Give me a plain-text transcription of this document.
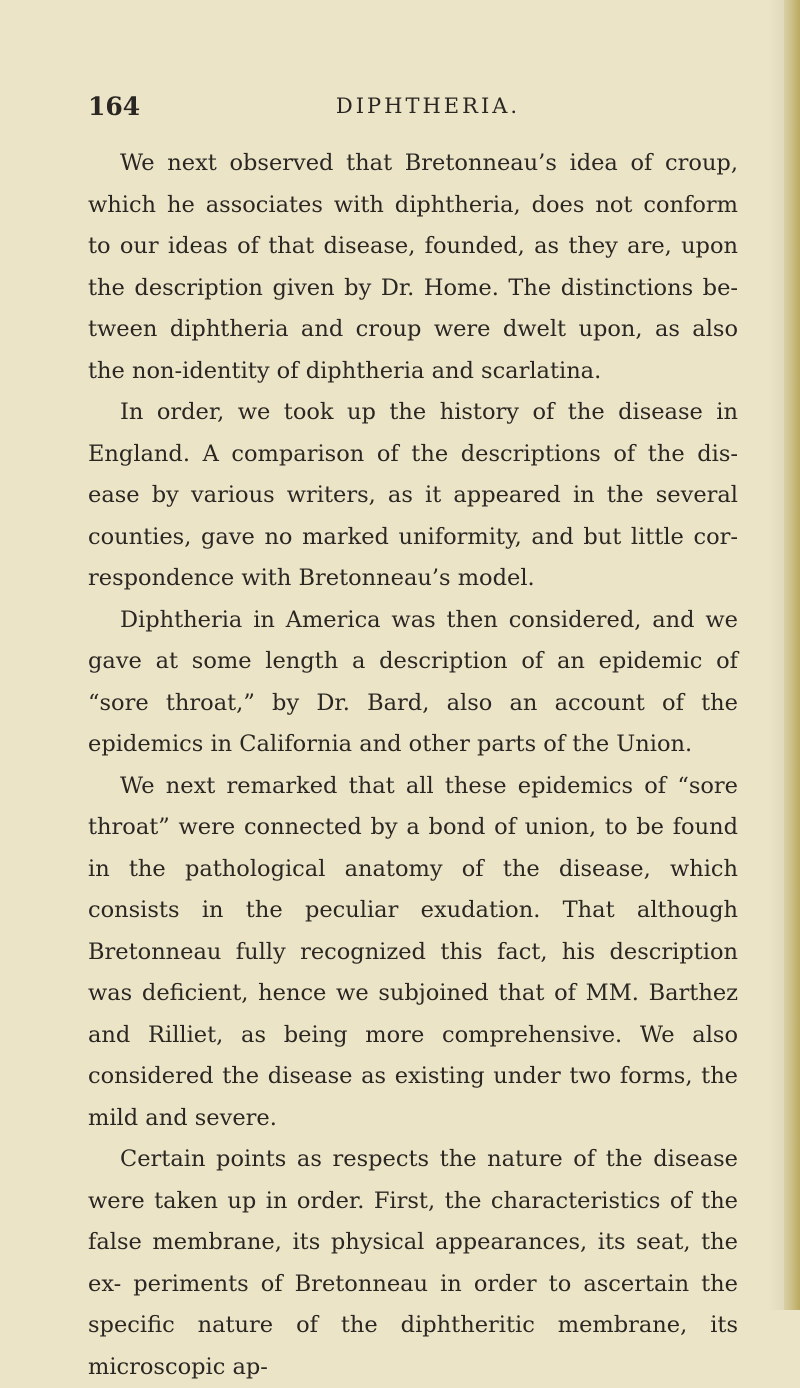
164	DIPHTHERIA.

We next observed that Bretonneau’s idea of croup, which he associates with diphtheria, does not conform to our ideas of that disease, founded, as they are, upon the description given by Dr. Home. The distinctions be- tween diphtheria and croup were dwelt upon, as also the non-identity of diphtheria and scarlatina.

In order, we took up the history of the disease in England. A comparison of the descriptions of the dis- ease by various writers, as it appeared in the several counties, gave no marked uniformity, and but little cor- respondence with Bretonneau’s model.

Diphtheria in America was then considered, and we gave at some length a description of an epidemic of “sore throat,” by Dr. Bard, also an account of the epidemics in California and other parts of the Union.

We next remarked that all these epidemics of “sore throat” were connected by a bond of union, to be found in the pathological anatomy of the disease, which consists in the peculiar exudation. That although Bretonneau fully recognized this fact, his description was deficient, hence we subjoined that of MM. Barthez and Rilliet, as being more comprehensive. We also considered the disease as existing under two forms, the mild and severe.

Certain points as respects the nature of the disease were taken up in order. First, the characteristics of the false membrane, its physical appearances, its seat, the ex- periments of Bretonneau in order to ascertain the specific nature of the diphtheritic membrane, its microscopic ap-
